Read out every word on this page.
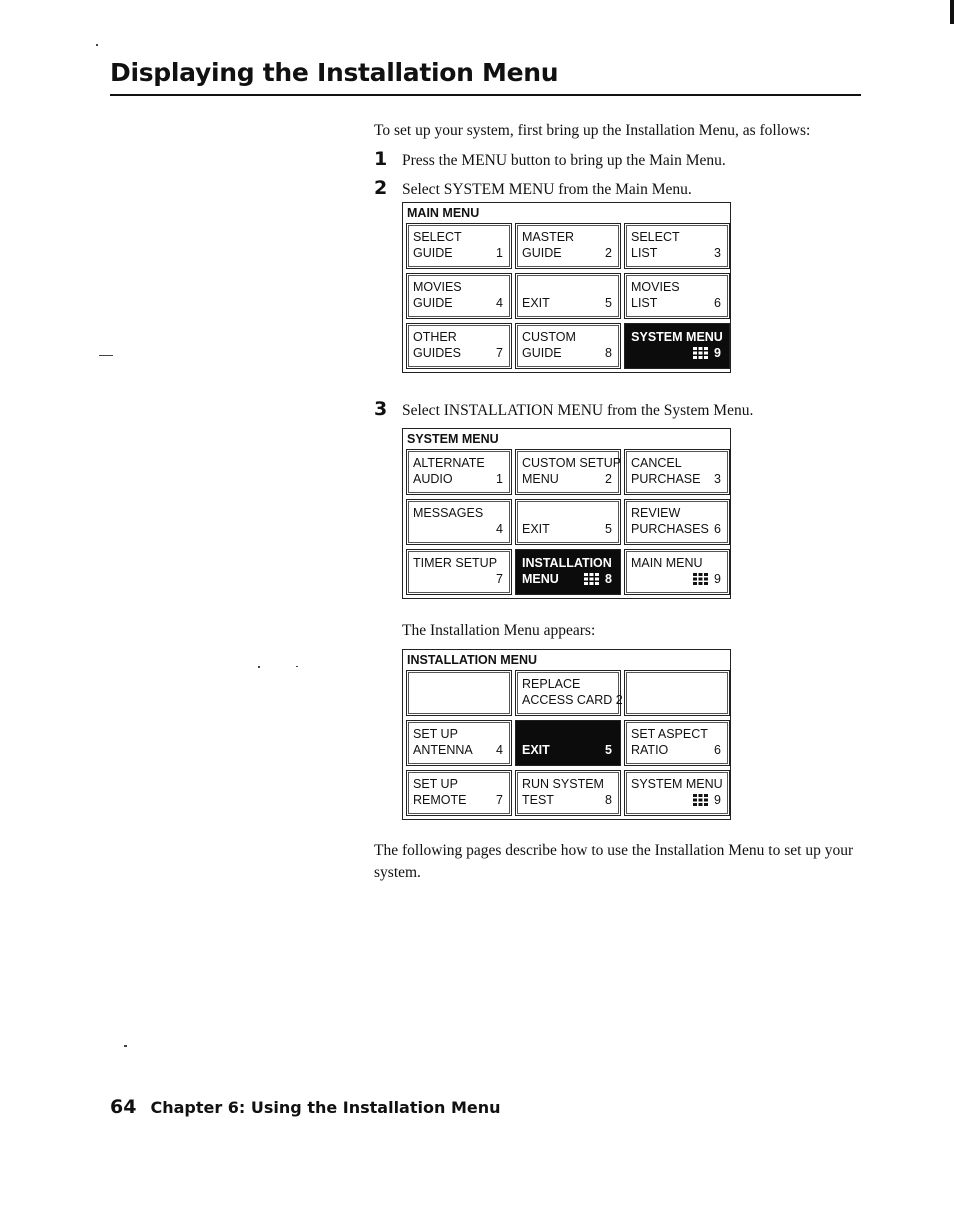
Displaying the Installation Menu

To set up your system, first bring up the Installation Menu, as follows:

1 Press the MENU button to bring up the Main Menu.
2 Select SYSTEM MENU from the Main Menu.
MAIN MENU
SELECT
GUIDE	1
MASTER
GUIDE	2
SELECT
LIST	3
MOVIES
GUIDE	4
EXIT	5
MOVIES
LIST	6
OTHER
GUIDES	7
CUSTOM
GUIDE	8
SYSTEM MENU
9
3 Select INSTALLATION MENU from the System Menu.
SYSTEM MENU
ALTERNATE
AUDIO	1
CUSTOM SETUP
MENU	2
CANCEL
PURCHASE	3
MESSAGES

4
EXIT	5
REVIEW
PURCHASES 6
TIMER SETUP

7
INSTALLATION
MENU	8
MAIN MENU
9

The Installation Menu appears:

INSTALLATION MENU
REPLACE
ACCESS CARD 2
SET UP
ANTENNA	4
EXIT	5
SET ASPECT
RATIO	6
SET UP
REMOTE	7
RUN SYSTEM
TEST	8
SYSTEM MENU
9

The following pages describe how to use the Installation Menu to set up your system.

64 Chapter 6: Using the Installation Menu
